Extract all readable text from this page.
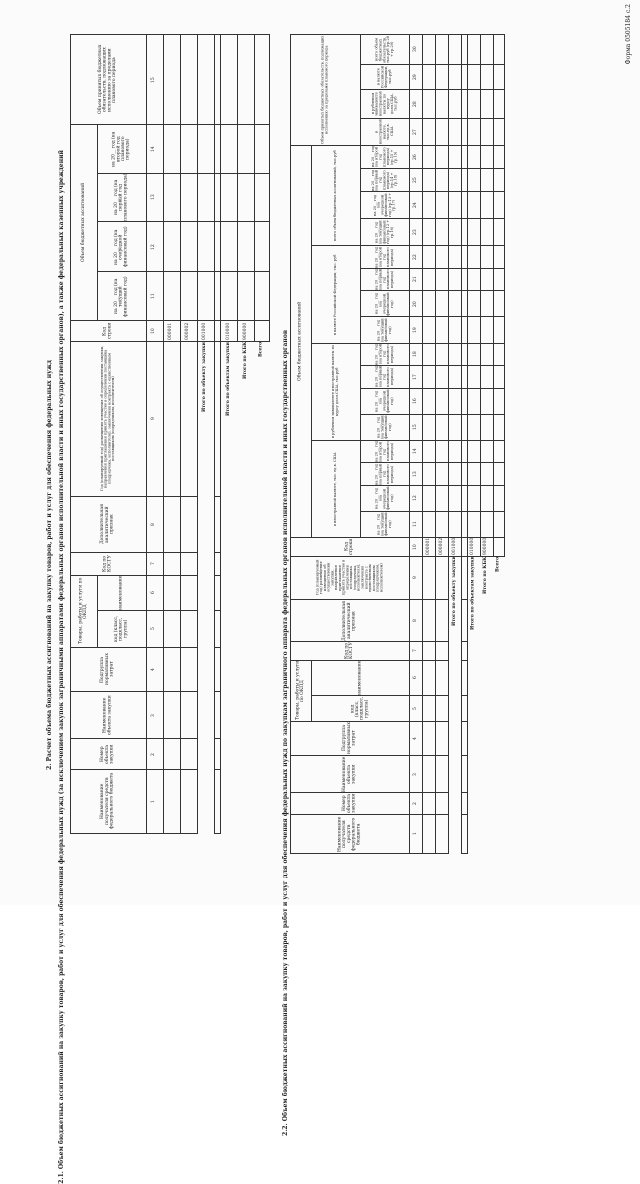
Форма 0505184 с.2
2. Расчет объема бюджетных ассигнований на закупку товаров, работ и услуг для обеспечения федеральных нужд 2.1. Объем бюджетных ассигнований на закупку товаров, работ и услуг для обеспечения федеральных нужд (за исключением закупок заграничными аппаратами федеральных органов исполнительной власти и иных государственных органов), а также федеральных казенных учреждений	2.2. Объем бюджетных ассигнований на закупку товаров, работ и услуг для обеспечения федеральных нужд по закупкам заграничного аппарата федеральных органов исполнительной власти и иных государственных органов
Наименование получателя средств федерального бюджета	Номер объекта закупки	Наименование объекта закупки	Подгруппа нормативных затрат	Товары, работы и услуги по ОКПД	Код по КОСГУ	Дополнительная аналитический признак	Год (планируемый год) размещения извещения об осуществлении закупки, направления приглашения принять участие в определении поставщика (подрядчика, исполнителя), заключения контракта с единственным поставщиком (подрядчиком, исполнителем)	Код строки	Объем бюджетных ассигнований	Объем принятых бюджетных обязательств, подлежащих исполнению за пределами планового периода
код (класс, подкласс, группа)	наименование	на 20__ год (на текущий финансовый год)	на 20__ год (на очередной финансовый год)	на 20__ год (на первый год планового периода)	на 20__ год (на второй год планового периода)

1	2	3	4	5	6	7	8	9	10	11	12	13	14	15
									000001					
									000002					
Итого по объекту закупки	001000					

Итого по объектам закупки	010000					
Итого по КБК	900000					
Всего						
Наименование получателя средств федерального бюджета	Номер объекта закупки	Наименование объекта закупки	Подгруппа нормативных затрат	Товары, работы и услуги по ОКПД	Код по КОСГУ	Дополнительная аналитический признак	Год (планируемый год) размещения извещения об осуществлении закупки, направления приглашения принять участие в определении поставщика (подрядчика, исполнителя), заключения контракта с единственным поставщиком (подрядчиком, исполнителем)	Код строки	Объем бюджетных ассигнований	Объем принятых бюджетных обязательств, подлежащих исполнению за пределами планового периода
код (класс, подкласс, группа)	наименование	в иностранной валюте, тыс. ед.в. США	в рублевом эквиваленте иностранной валюты по курсу долл.США, тыс.руб	в валюте Российской Федерации, тыс. руб	всего объем бюджетных ассигнований, тыс.руб
на 20__ год (на текущий финансовый год)	на 20__ год (на очередной финансовый год)	на 20__ год (на первый год планового периода)	на 20__ год (на второй год планового периода)	на 20__ год (на текущий финансовый год)	на 20__ год (на очередной финансовый год)	на 20__ год (на первый год планового периода)	на 20__ год (на второй год планового периода)	на 20__ год (на текущий финансовый год)	на 20__ год (на очередной финансовый год)	на 20__ год (на первый год планового периода)	на 20__ год (на второй год планового периода)	на 20__ год (на текущий финансовый год) (гр.12 + гр.16)	на 20__ год (на очередной финансовый год) (гр.13 + гр.17)	на 20__ год (на первый год планового периода) (гр.14 + гр.18)	на 20__ год (на второй год планового периода) (гр.15 + гр.19)	в иностранной валюте, тыс.ед.в. США	в рублевом эквиваленте иностранной валюты по курсу долл.США, тыс.руб	в валюте Российской Федерации, тыс.руб	всего объем бюджетных обязательств, тыс.руб (гр.28 + гр.29)
1	2	3	4	5	6	7	8	9	10	11	12	13	14	15	16	17	18	19	20	21	22	23	24	25	26	27	28	29	30
									000001																				
									000002																				
Итого по объекту закупки	001000																				

Итого по объектам закупки	010000																				
Итого по КБК	900000																				
Всего																					
